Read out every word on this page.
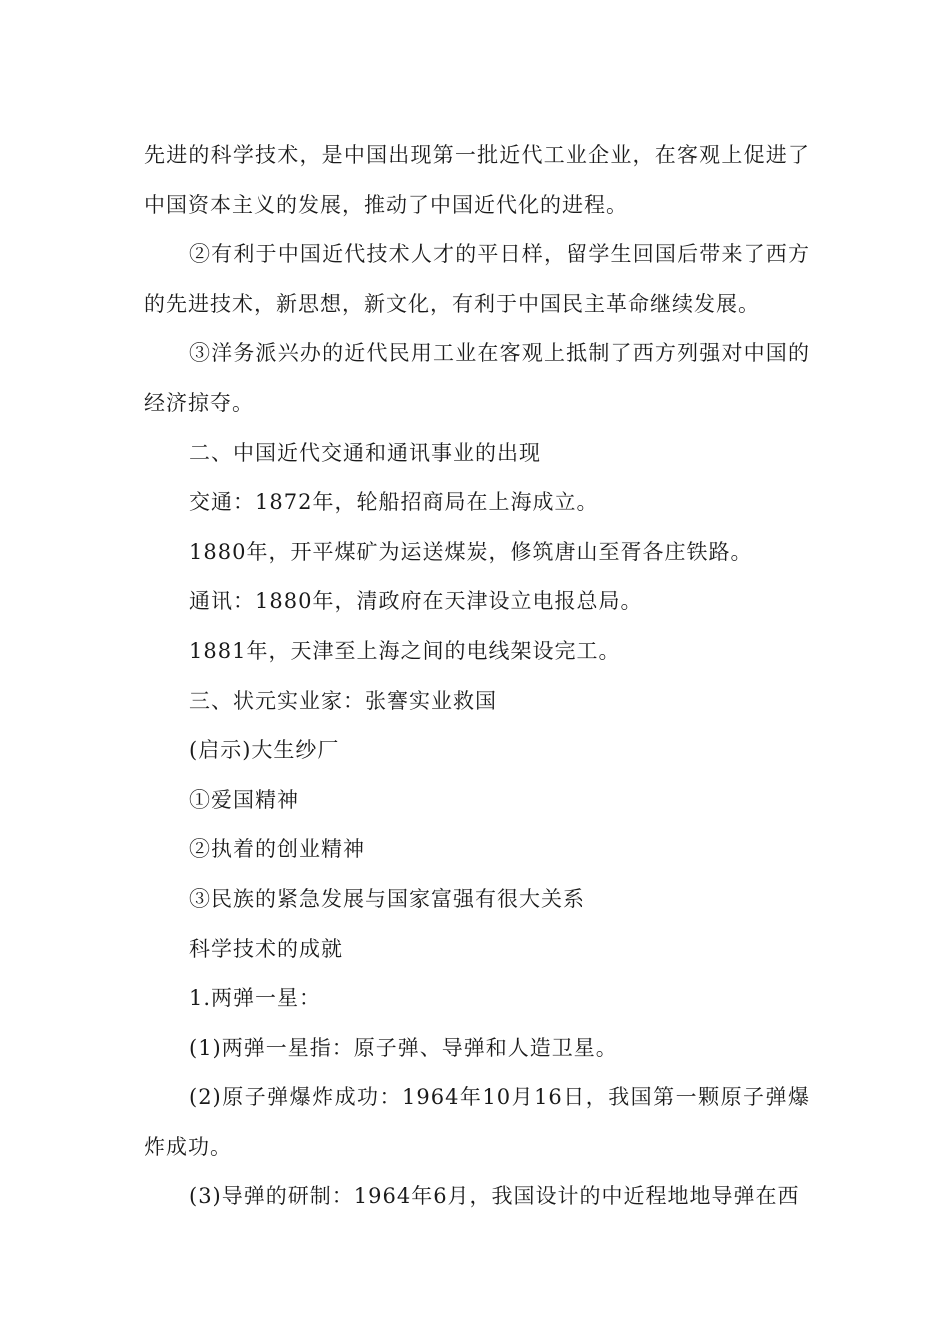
先进的科学技术，是中国出现第一批近代工业企业，在客观上促进了中国资本主义的发展，推动了中国近代化的进程。

②有利于中国近代技术人才的平日样，留学生回国后带来了西方的先进技术，新思想，新文化，有利于中国民主革命继续发展。

③洋务派兴办的近代民用工业在客观上抵制了西方列强对中国的经济掠夺。

二、中国近代交通和通讯事业的出现

交通：1872年，轮船招商局在上海成立。

1880年，开平煤矿为运送煤炭，修筑唐山至胥各庄铁路。

通讯：1880年，清政府在天津设立电报总局。

1881年，天津至上海之间的电线架设完工。

三、状元实业家：张謇实业救国

(启示)大生纱厂

①爱国精神

②执着的创业精神

③民族的紧急发展与国家富强有很大关系

科学技术的成就

1.两弹一星：

(1)两弹一星指：原子弹、导弹和人造卫星。

(2)原子弹爆炸成功：1964年10月16日，我国第一颗原子弹爆炸成功。

(3)导弹的研制：1964年6月，我国设计的中近程地地导弹在西
